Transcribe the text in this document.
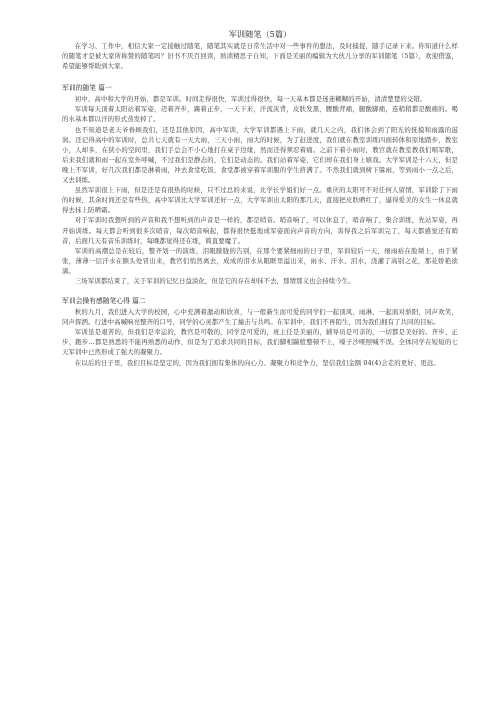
军训随笔（5篇）

在学习、工作中，相信大家一定接触过随笔，随笔其实就是日常生活中对一些事件的想法，及时捕捉，随手记录下来。你知道什么样的随笔才是被大家所称赞的随笔吗？旧书不厌百回读，熟读精思子自知，下面是美丽的编辑为大伙儿分享的军训随笔（5篇），欢迎借鉴，希望能够帮助到大家。

军训的随笔 篇一

初中、高中和大学的开始，都是军训。时间走得很快，军训过得很快，每一天基本都是迷迷糊糊的开始，清清楚楚的交错。

军训每天顶着太阳站着军姿，迈着齐步，踢着正步，一天下来，汗流浃背，皮肤发黑，腰酸背痛，腿酸脚痛，连稍稍都是酸痛的。喝的水基本都以汗的形式蒸发掉了。

也不知道是老天爷眷顾我们，还是其他原因，高中军训，大学军训都遇上下雨，就几天之内，我们体会到了阳光的抚摸和雨露的滋润。还记得高中的军训时，总共七天就有一天大雨，三天小雨，雨大的时候，为了赶进度，我们就在教室训练四面转体和原地踏步，教室小，人却多，在狭小的空间里，我们手总会不小心地打在桌子边缘，然而还得须忍着痛。之前下着小雨时，教官就在教室教我们唱军歌，后来我们就和雨一起在室外呼喊，不过我们是静态的，它们是动态的。我们站着军姿，它们却在我们身上嬉戏。大学军训是十六天，但是晚上不军训，好几次我们都是淋着雨，冲去食堂吃饭，食堂都被穿着军训服的学生挤满了。不然我们就到树下躲雨，等到雨小一点之后，又去训练。

虽然军训很上下雨，但是还是有很热的时候，只不过总的来说，比学长学姐们好一点。重庆的太阳可不对任何人留情，军训除了下雨的时候，其余时间还是有些热，高中军训比大学军训还好一点，大学军训出太阳的那几天，直接把皮肤晒红了，逼得爱美的女生一休息就得去抹上防晒霜。

对于军训时我想听到的声音和我不想听到的声音是一样的，都是哨音。哨音响了，可以休息了，哨音响了，集合训练，先站军姿，再开始训练。每天都会听到很多次哨音，每次哨音响起，都得很快挺地成军姿面向声音的方向，害得我之后军训完了，每天都感觉还有哨音，后面几天有音乐训练时，每晚都觉得还在练，简直要魔了。

军训的高潮总是在较后，整齐划一的演练，泪眼朦胧的告别，在那个要紧细雨的日子里，军训较后一天，细雨裕在脸颊上，由于紧张，薄薄一层汗水在额头处冒出来，教官们悄然离去，成成的泪水从眼眶里溢出来，雨水、汗水、泪水，浇灌了高别之花，那花娇艳欲滴。

三场军训都结束了，关于军训的记忆日益淡化，但是它的存在却抹不去，那情那义也会持续今生。

军训会操有感随笔心得 篇二

秋的九月，我们进入大学的校园，心中充满着激动和欣喜，与一般新生而可爱的同学们一起顶风、雨淋，一起面对骄阳，同声欢笑，同声挥洒。行进中高喊响亮整齐的口号，同学的心灵都产生了撞击与共鸣。在军训中，我们不再陌生，因为我们拥有了共同的目标。

军训虽是艰苦的，但我们是幸运的，教官是可敬的，同学是可爱的，班主任是美丽的，辅导员是可亲的，一切都是美好的。齐步、正步、跑步…都是熟悉的不能再熟悉的动作，但是为了追求共同的目标，我们脚相踹般整顿不上，嗓子沙哑照喊不误。全体同学在短短的七天军训中已然形成了强大的凝聚力。

在以后的日子里，我们目标是坚定的，因为我们拥有集体的向心力、凝聚力和竞争力，坚信我们金额 04(4)会走的更好、更远。
